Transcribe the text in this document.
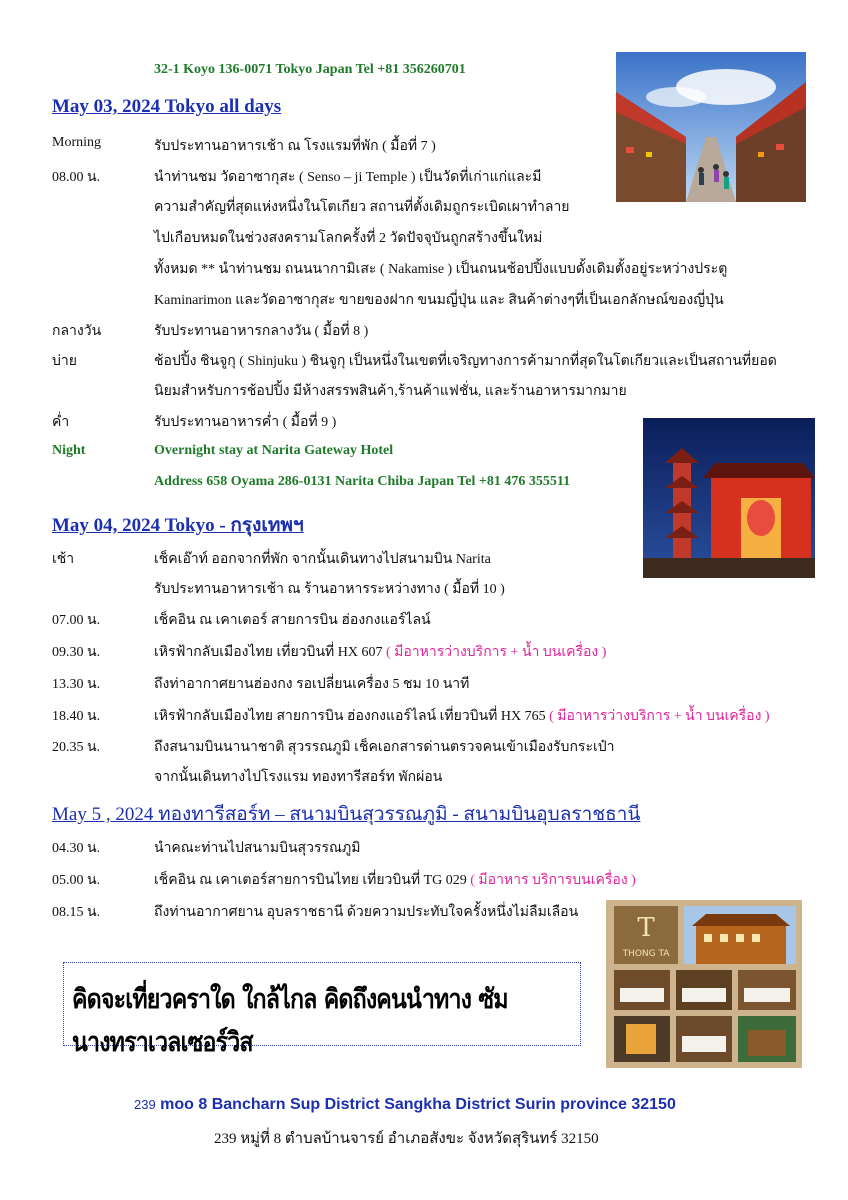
32-1 Koyo 136-0071 Tokyo Japan Tel +81 356260701
May 03, 2024 Tokyo all days
Morning	รับประทานอาหารเช้า ณ โรงแรมที่พัก ( มื้อที่ 7 )
08.00 น.	นำท่านชม วัดอาซากุสะ ( Senso – ji Temple ) เป็นวัดที่เก่าแก่และมี
ความสำคัญที่สุดแห่งหนึ่งในโตเกียว สถานที่ตั้งเดิมถูกระเบิดเผาทำลาย
ไปเกือบหมดในช่วงสงครามโลกครั้งที่ 2 วัดปัจจุบันถูกสร้างขึ้นใหม่
ทั้งหมด ** นำท่านชม ถนนนากามิเสะ ( Nakamise ) เป็นถนนช้อปปิ้งแบบดั้งเดิมตั้งอยู่ระหว่างประตู
Kaminarimon และวัดอาซากุสะ ขายของฝาก ขนมญี่ปุ่น และ สินค้าต่างๆที่เป็นเอกลักษณ์ของญี่ปุ่น
กลางวัน	รับประทานอาหารกลางวัน ( มื้อที่ 8 )
บ่าย	ช้อปปิ้ง ชินจูกุ ( Shinjuku ) ชินจูกุ เป็นหนึ่งในเขตที่เจริญทางการค้ามากที่สุดในโตเกียวและเป็นสถานที่ยอด
นิยมสำหรับการช้อปปิ้ง มีห้างสรรพสินค้า,ร้านค้าแฟชั่น, และร้านอาหารมากมาย
ค่ำ	รับประทานอาหารค่ำ ( มื้อที่ 9 )
Night	Overnight stay at Narita Gateway Hotel
Address 658 Oyama 286-0131 Narita Chiba Japan Tel +81 476 355511
May 04, 2024 Tokyo - กรุงเทพฯ
เช้า	เช็คเอ๊าท์ ออกจากที่พัก จากนั้นเดินทางไปสนามบิน Narita
รับประทานอาหารเช้า ณ ร้านอาหารระหว่างทาง ( มื้อที่ 10 )
07.00 น.	เช็คอิน ณ เคาเตอร์ สายการบิน ฮ่องกงแอร์ไลน์
09.30 น.	เหิรฟ้ากลับเมืองไทย เที่ยวบินที่ HX 607 ( มีอาหารว่างบริการ + น้ำ บนเครื่อง )
13.30 น.	ถึงท่าอากาศยานฮ่องกง รอเปลี่ยนเครื่อง 5 ชม 10 นาที
18.40 น.	เหิรฟ้ากลับเมืองไทย สายการบิน ฮ่องกงแอร์ไลน์ เที่ยวบินที่ HX 765 ( มีอาหารว่างบริการ + น้ำ บนเครื่อง )
20.35 น.	ถึงสนามบินนานาชาติ สุวรรณภูมิ เช็คเอกสารด่านตรวจคนเข้าเมืองรับกระเป๋า
จากนั้นเดินทางไปโรงแรม ทองทารีสอร์ท พักผ่อน
May 5 , 2024 ทองทารีสอร์ท – สนามบินสุวรรณภูมิ - สนามบินอุบลราชธานี
04.30 น.	นำคณะท่านไปสนามบินสุวรรณภูมิ
05.00 น.	เช็คอิน ณ เคาเตอร์สายการบินไทย เที่ยวบินที่ TG 029 ( มีอาหาร บริการบนเครื่อง )
08.15 น.	ถึงท่านอากาศยาน อุบลราชธานี ด้วยความประทับใจครั้งหนึ่งไม่ลืมเลือน
T
THONG TA
คิดจะเที่ยวคราใด ใกล้ไกล คิดถึงคนนำทาง ซัมนางทราเวลเซอร์วิส
239 moo 8 Bancharn Sup District Sangkha District Surin province 32150
239 หมู่ที่ 8 ตำบลบ้านจารย์ อำเภอสังขะ จังหวัดสุรินทร์ 32150
